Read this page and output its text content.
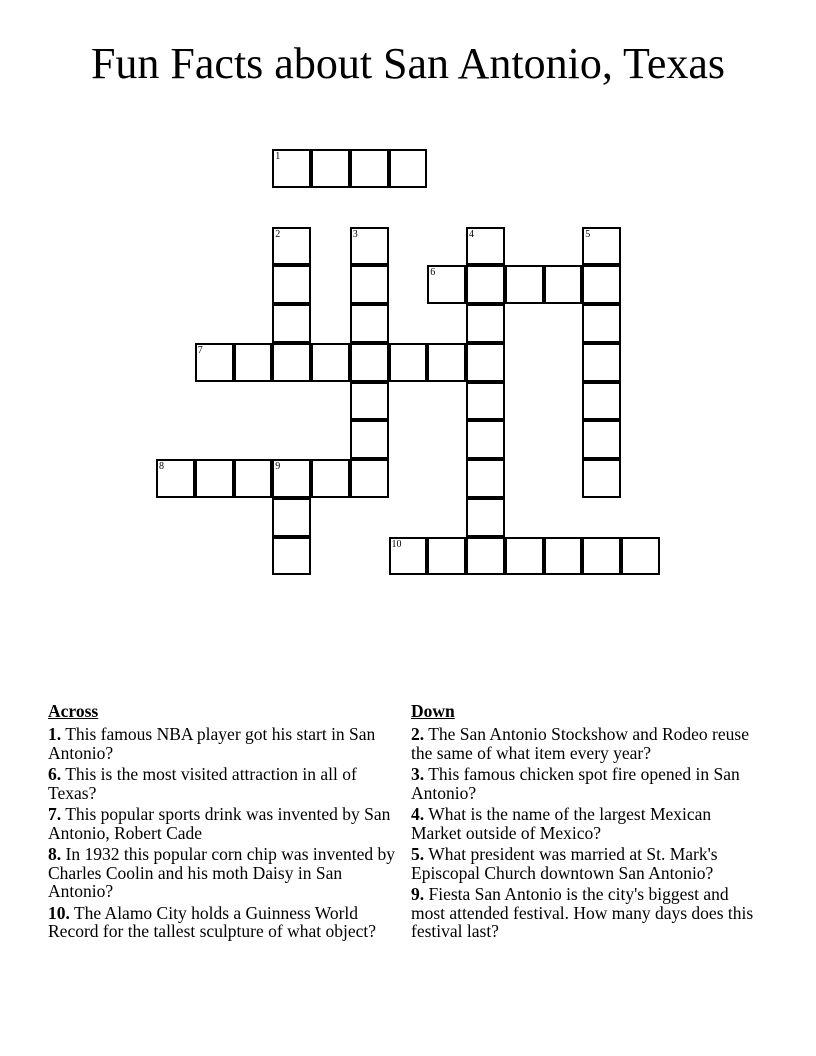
Fun Facts about San Antonio, Texas
1
2	3	4	5
6
7
8	9
10
Across
1. This famous NBA player got his start in San Antonio?
6. This is the most visited attraction in all of Texas?
7. This popular sports drink was invented by San Antonio, Robert Cade
8. In 1932 this popular corn chip was invented by Charles Coolin and his moth Daisy in San Antonio?
10. The Alamo City holds a Guinness World Record for the tallest sculpture of what object?
Down
2. The San Antonio Stockshow and Rodeo reuse the same of what item every year?
3. This famous chicken spot fire opened in San Antonio?
4. What is the name of the largest Mexican Market outside of Mexico?
5. What president was married at St. Mark's Episcopal Church downtown San Antonio?
9. Fiesta San Antonio is the city's biggest and most attended festival. How many days does this festival last?
